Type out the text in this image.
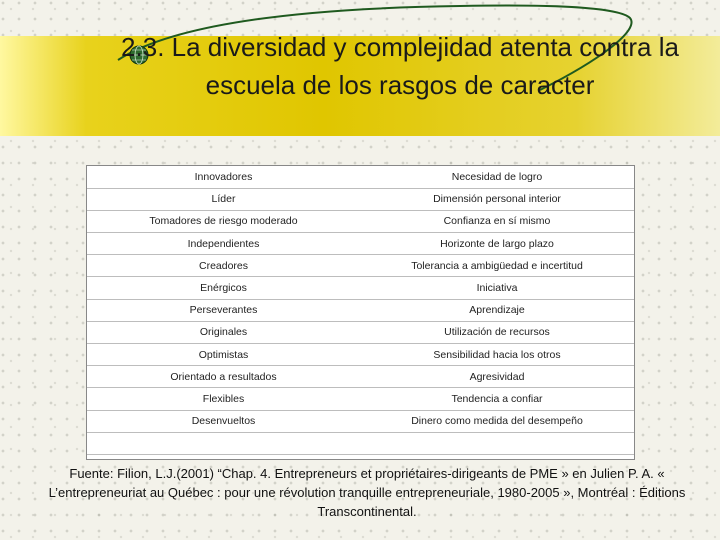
2.3. La diversidad y complejidad atenta contra la escuela de los rasgos de caracter
Innovadores	Necesidad de logro
Líder	Dimensión personal interior
Tomadores de riesgo moderado	Confianza en sí mismo
Independientes	Horizonte de largo plazo
Creadores	Tolerancia a ambigüedad e incertitud
Enérgicos	Iniciativa
Perseverantes	Aprendizaje
Originales	Utilización de recursos
Optimistas	Sensibilidad hacia los otros
Orientado a resultados	Agresividad
Flexibles	Tendencia a confiar
Desenvueltos	Dinero como medida del desempeño

Fuente: Filion, L.J.(2001) “Chap. 4. Entrepreneurs et propriétaires-dirigeants de PME » en Julien P. A. « L’entrepreneuriat au Québec : pour une révolution tranquille entrepreneuriale, 1980-2005 », Montréal : Éditions Transcontinental.
